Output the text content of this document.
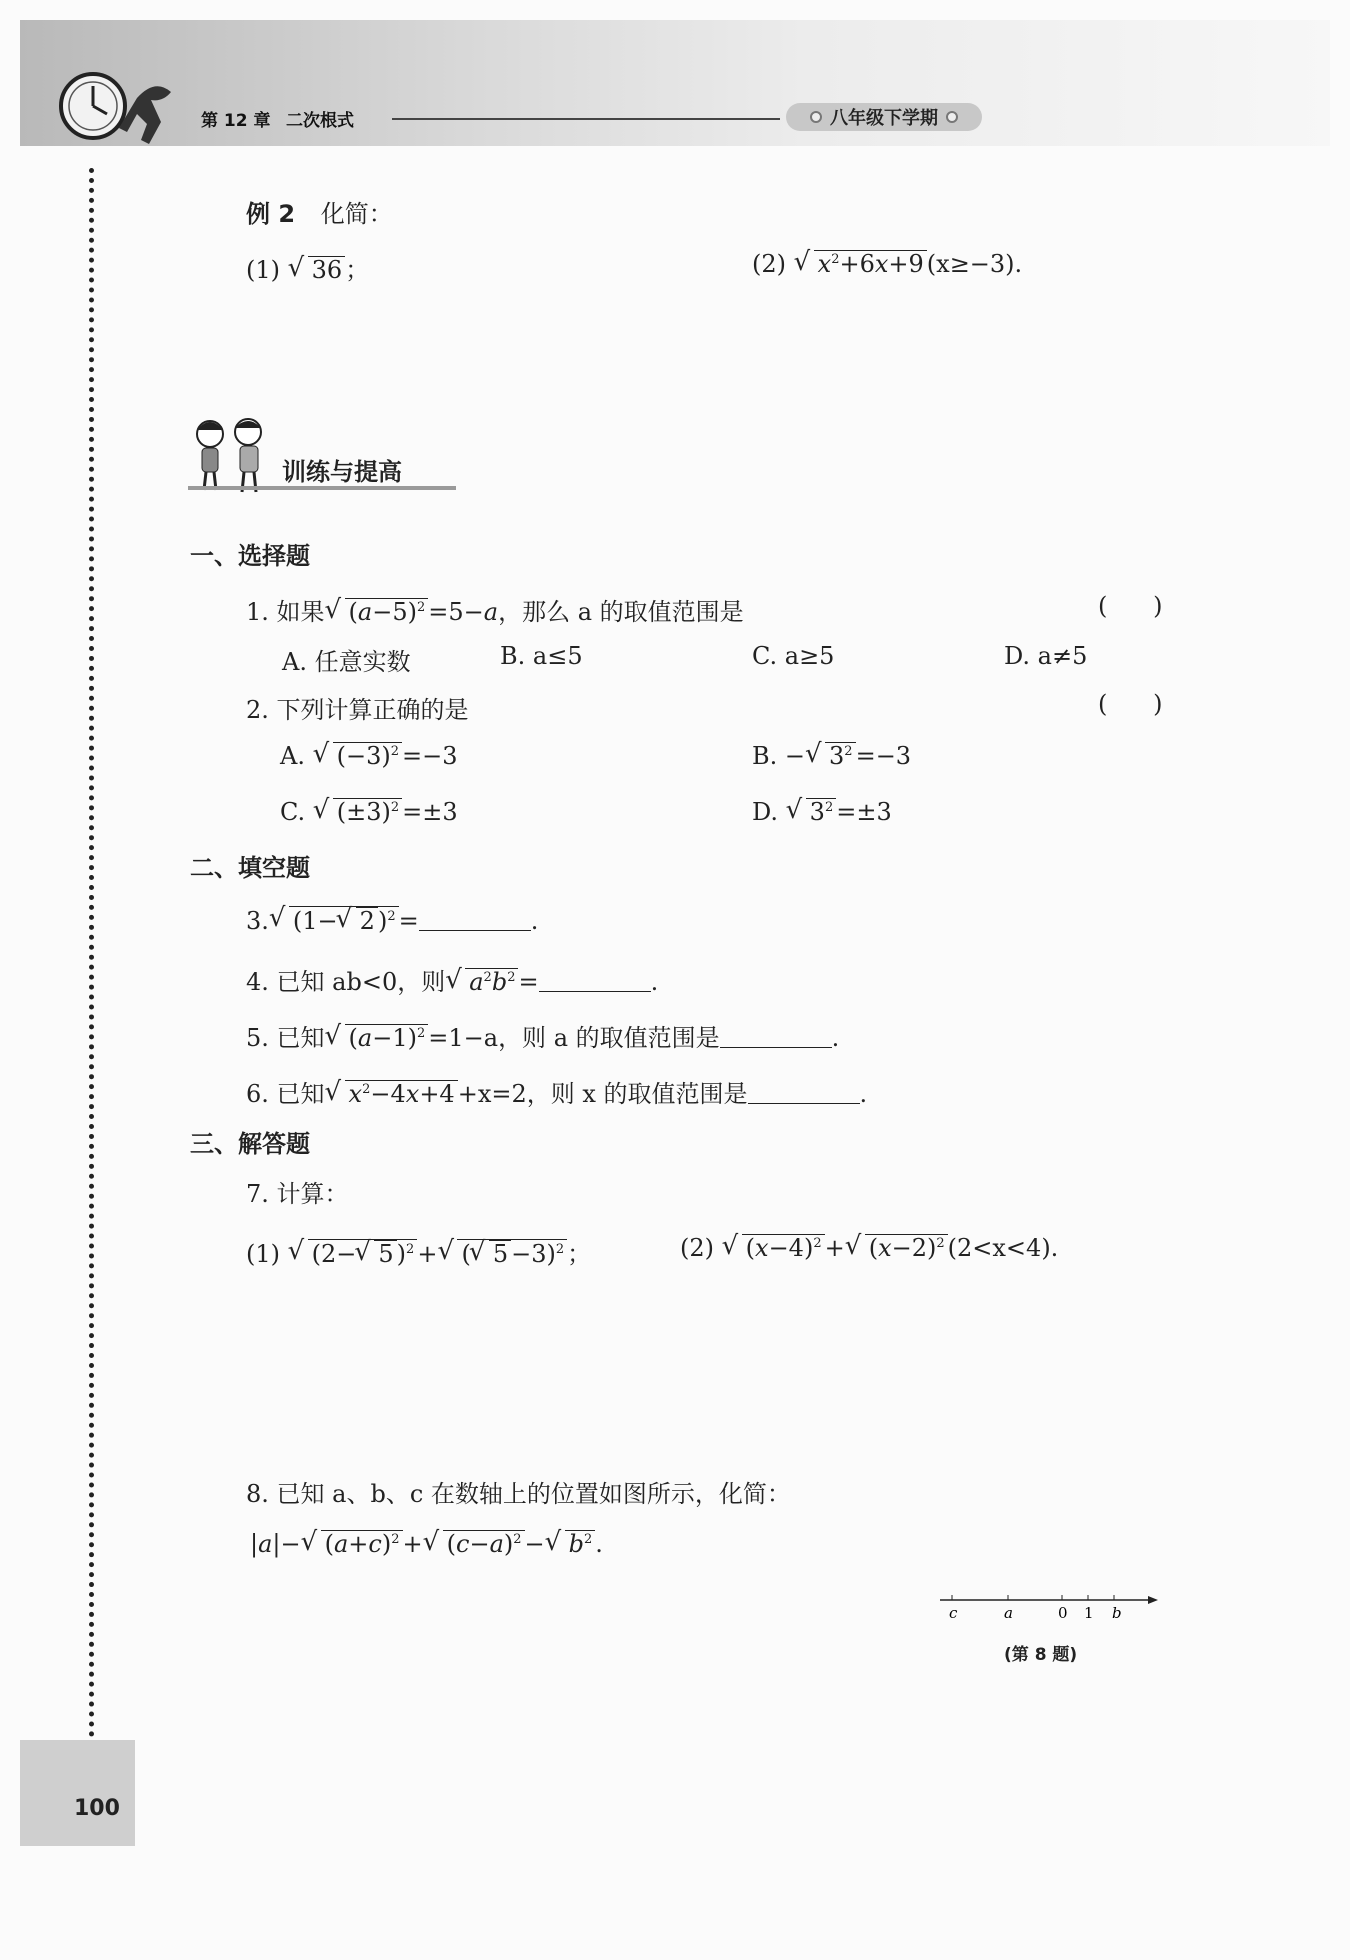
第 12 章 二次根式	八年级下学期
100
例 2 化简：
(1) √ 36 ；	(2) √ $x^2+6x+9$ (x≥−3).
训练与提高
一、选择题
1. 如果 √ $(a-5)^2 =5-a$，那么 a 的取值范围是	(      )
A. 任意实数	B. a≤5	C. a≥5	D. a≠5
2. 下列计算正确的是	(      )
A. √ $(-3)^2 =-3$	B. − √ $3^2 =-3$
C. √ $(\pm 3)^2 =\pm 3$	D. √ $3^2 =\pm 3$
二、填空题
3. √ (1− √ 2 )$^2$ =	.
4. 已知 ab<0，则 √ $a^2b^2$ =	.
5. 已知 √ $(a-1)^2 =1-a$，则 a 的取值范围是	.
6. 已知 √ $x^2-4x+4 +x=2$，则 x 的取值范围是	.
三、解答题
7. 计算：
(1) √ (2− √ 5 )$^2$ + √ ( √ 5 −3)$^2$ ；	(2) √ $(x-4)^2$ + √ $(x-2)^2$ (2<x<4).
8. 已知 a、b、c 在数轴上的位置如图所示，化简：
|a|− √ $(a+c)^2$ + √ $(c-a)^2$ − √ $b^2$ .
c	a	0 1 b
(第 8 题)
